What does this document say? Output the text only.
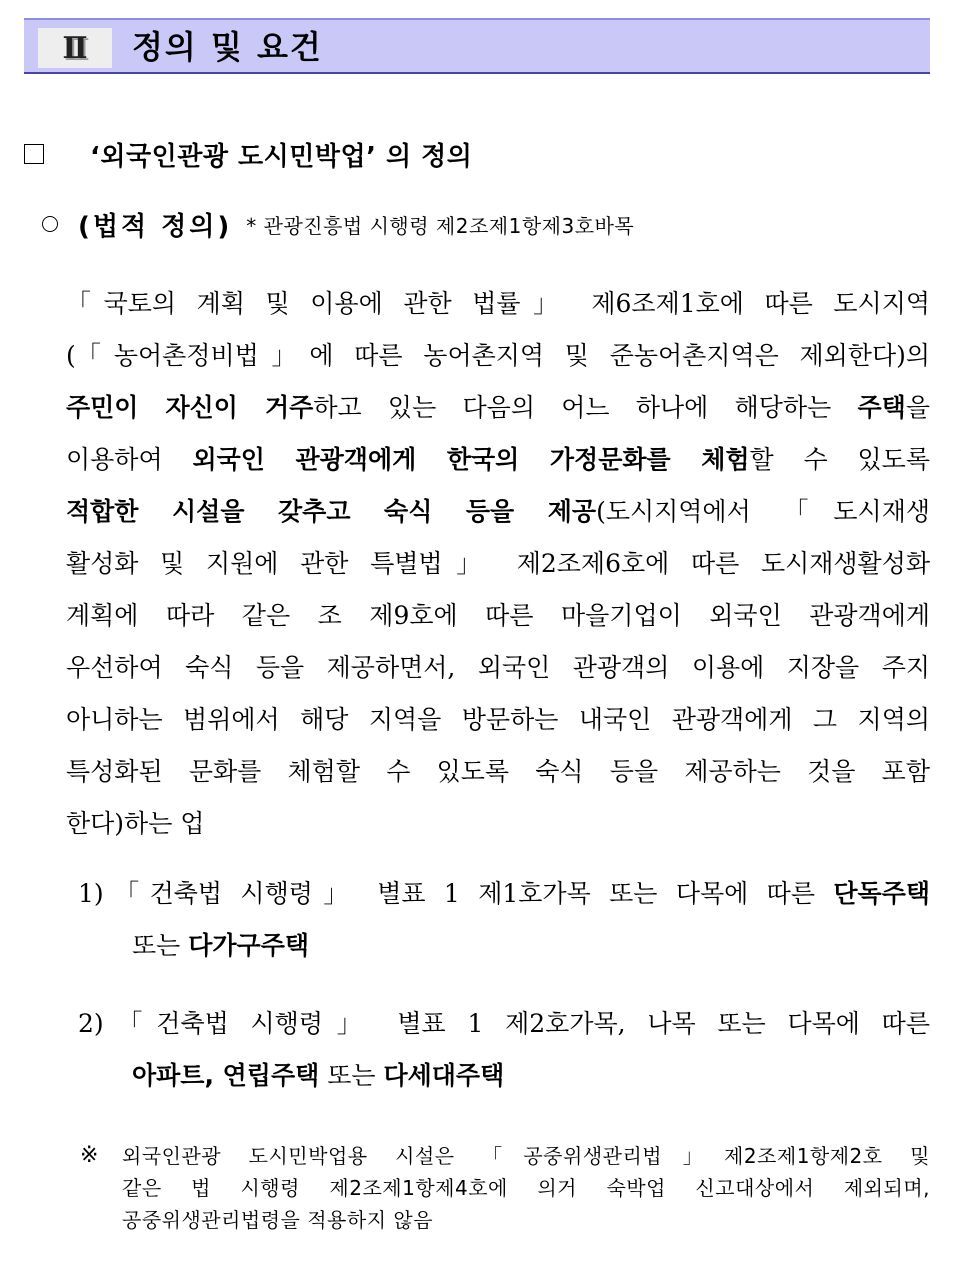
Ⅱ	정의 및 요건
‘외국인관광 도시민박업’ 의 정의
(법적 정의) * 관광진흥법 시행령 제2조제1항제3호바목
「국토의 계획 및 이용에 관한 법률」 제6조제1호에 따른 도시지역
(「농어촌정비법」에 따른 농어촌지역 및 준농어촌지역은 제외한다)의
주민이 자신이 거주하고 있는 다음의 어느 하나에 해당하는 주택을
이용하여 외국인 관광객에게 한국의 가정문화를 체험할 수 있도록
적합한 시설을 갖추고 숙식 등을 제공(도시지역에서 「도시재생
활성화 및 지원에 관한 특별법」 제2조제6호에 따른 도시재생활성화
계획에 따라 같은 조 제9호에 따른 마을기업이 외국인 관광객에게
우선하여 숙식 등을 제공하면서, 외국인 관광객의 이용에 지장을 주지
아니하는 범위에서 해당 지역을 방문하는 내국인 관광객에게 그 지역의
특성화된 문화를 체험할 수 있도록 숙식 등을 제공하는 것을 포함
한다)하는 업
1)「건축법 시행령」 별표 1 제1호가목 또는 다목에 따른 단독주택
또는 다가구주택
2)「건축법 시행령」 별표 1 제2호가목, 나목 또는 다목에 따른
아파트, 연립주택 또는 다세대주택
※	외국인관광 도시민박업용 시설은 「공중위생관리법」제2조제1항제2호 및
같은 법 시행령 제2조제1항제4호에 의거 숙박업 신고대상에서 제외되며,
공중위생관리법령을 적용하지 않음
